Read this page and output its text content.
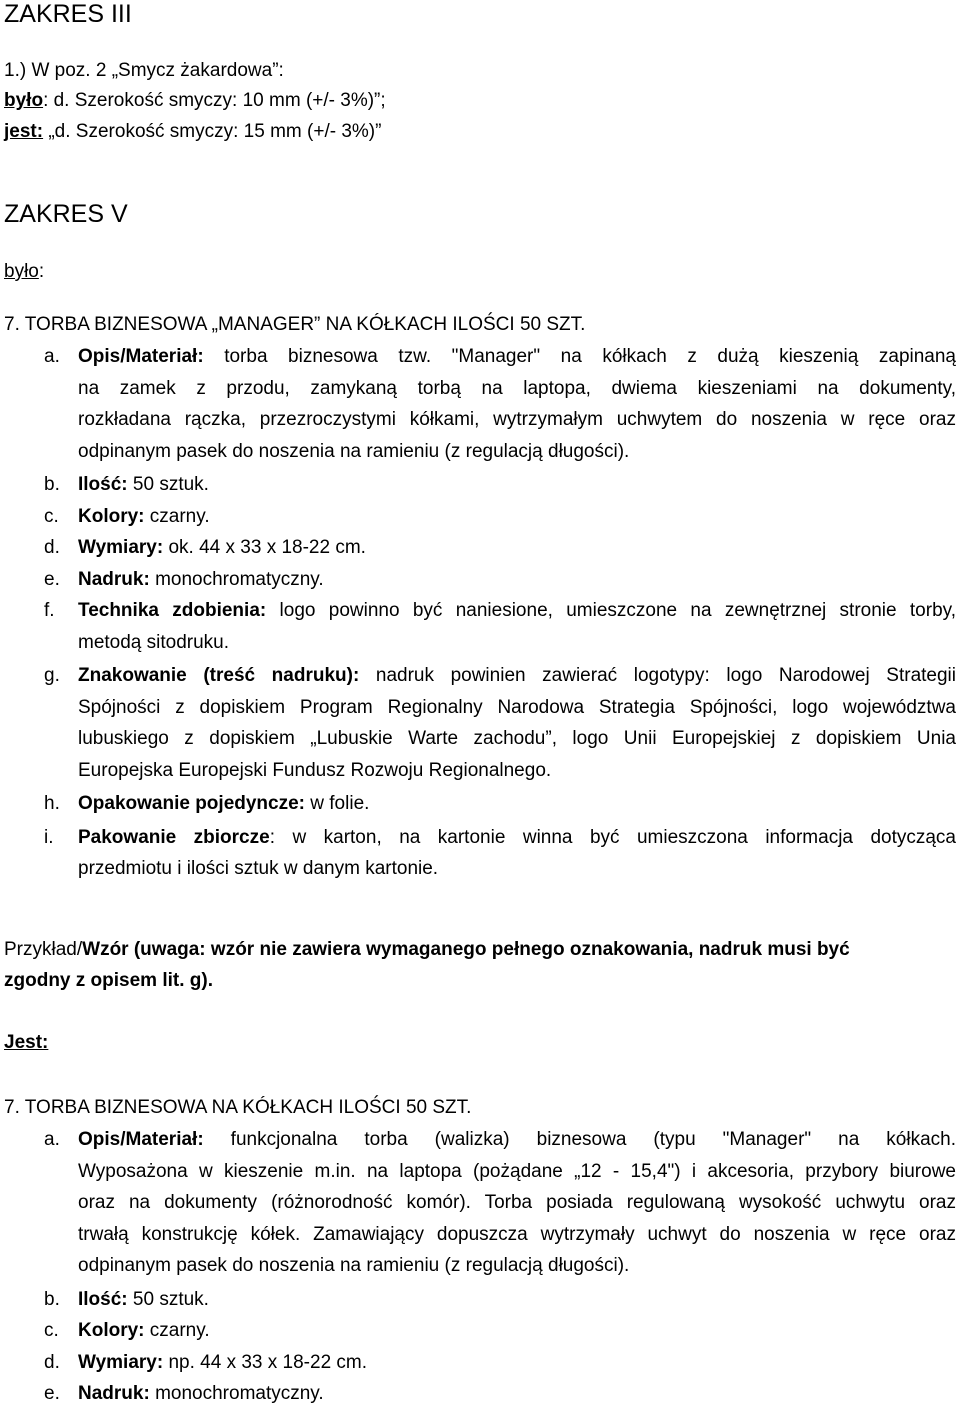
ZAKRES III
1.) W poz. 2 „Smycz żakardowa”:
było: d. Szerokość smyczy: 10 mm (+/- 3%)”;
jest: „d. Szerokość smyczy: 15 mm (+/- 3%)”
ZAKRES V
było:
7. TORBA BIZNESOWA „MANAGER” NA KÓŁKACH ILOŚCI 50 SZT.
a. Opis/Materiał: torba biznesowa tzw. "Manager" na kółkach z dużą kieszenią zapinaną
na zamek z przodu, zamykaną torbą na laptopa, dwiema kieszeniami na dokumenty,
rozkładana rączka, przezroczystymi kółkami, wytrzymałym uchwytem do noszenia w ręce oraz
odpinanym pasek do noszenia na ramieniu (z regulacją długości).
b. Ilość: 50 sztuk.
c. Kolory: czarny.
d. Wymiary: ok. 44 x 33 x 18-22 cm.
e. Nadruk: monochromatyczny.
f. Technika zdobienia: logo powinno być naniesione, umieszczone na zewnętrznej stronie torby,
metodą sitodruku.
g. Znakowanie (treść nadruku): nadruk powinien zawierać logotypy: logo Narodowej Strategii
Spójności z dopiskiem Program Regionalny Narodowa Strategia Spójności, logo województwa
lubuskiego z dopiskiem „Lubuskie Warte zachodu”, logo Unii Europejskiej z dopiskiem Unia
Europejska Europejski Fundusz Rozwoju Regionalnego.
h. Opakowanie pojedyncze: w folie.
i. Pakowanie zbiorcze: w karton, na kartonie winna być umieszczona informacja dotycząca
przedmiotu i ilości sztuk w danym kartonie.
Przykład/Wzór (uwaga: wzór nie zawiera wymaganego pełnego oznakowania, nadruk musi być
zgodny z opisem lit. g).
Jest:
7. TORBA BIZNESOWA NA KÓŁKACH ILOŚCI 50 SZT.
a. Opis/Materiał: funkcjonalna torba (walizka) biznesowa (typu "Manager" na kółkach.
Wyposażona w kieszenie m.in. na laptopa (pożądane „12 - 15,4") i akcesoria, przybory biurowe
oraz na dokumenty (różnorodność komór). Torba posiada regulowaną wysokość uchwytu oraz
trwałą konstrukcję kółek. Zamawiający dopuszcza wytrzymały uchwyt do noszenia w ręce oraz
odpinanym pasek do noszenia na ramieniu (z regulacją długości).
b. Ilość: 50 sztuk.
c. Kolory: czarny.
d. Wymiary: np. 44 x 33 x 18-22 cm.
e. Nadruk: monochromatyczny.
